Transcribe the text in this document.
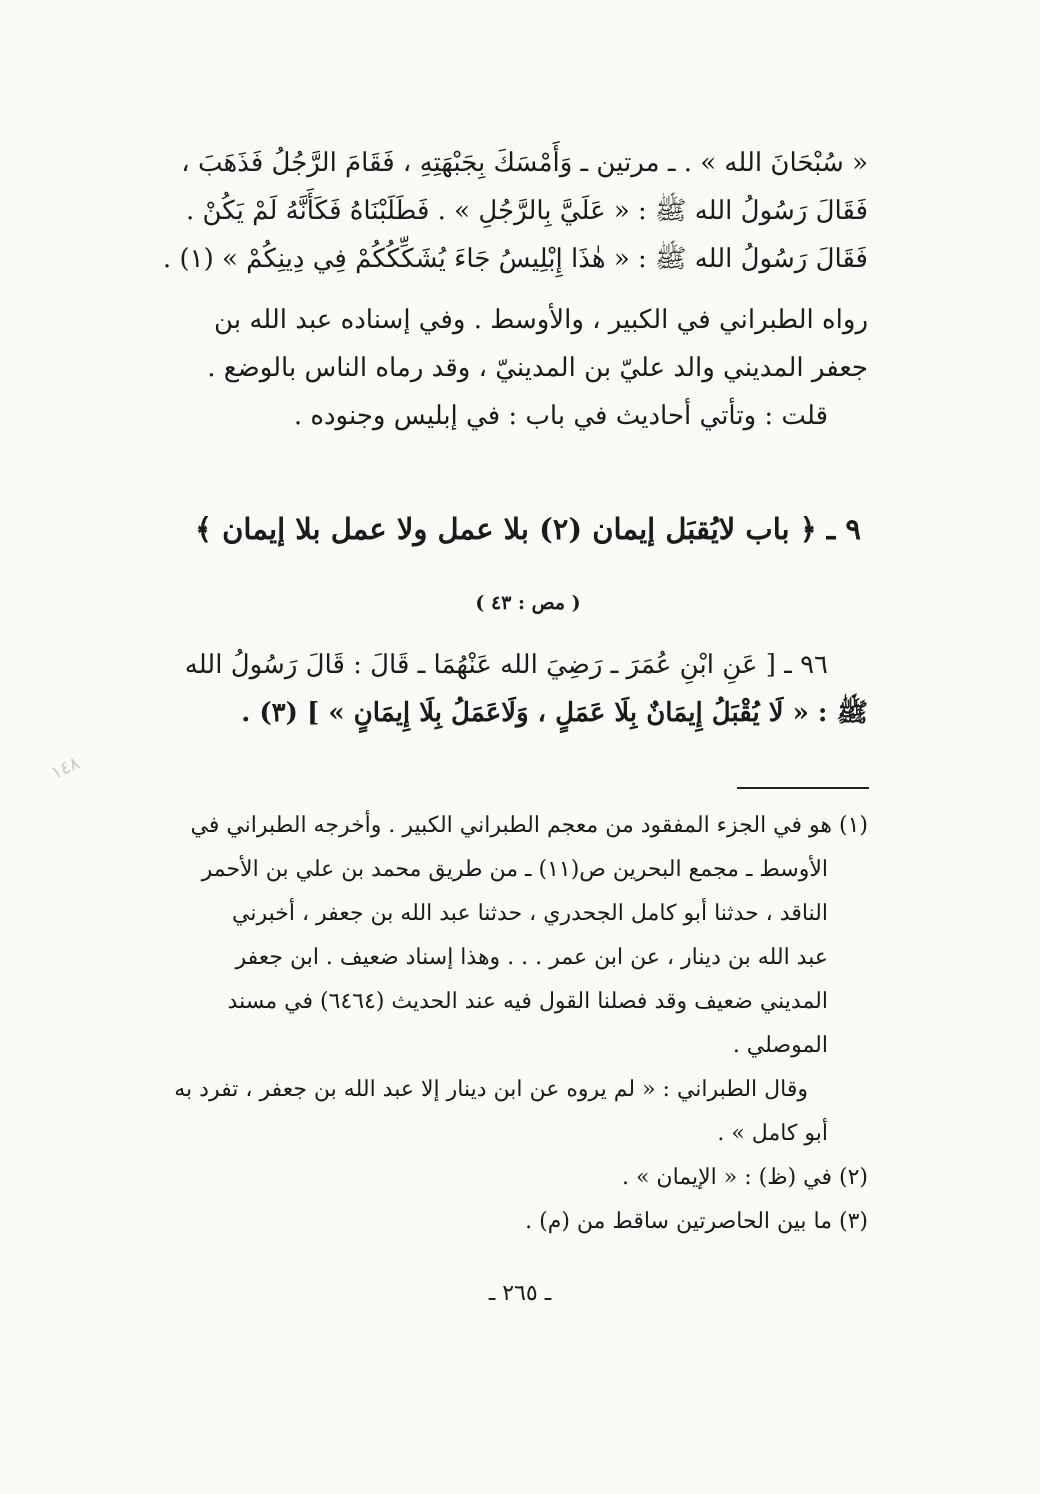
« سُبْحَانَ الله » . ـ مرتين ـ وَأَمْسَكَ بِجَبْهَتِهِ ، فَقَامَ الرَّجُلُ فَذَهَبَ ،
فَقَالَ رَسُولُ الله ﷺ : « عَلَيَّ بِالرَّجُلِ » . فَطَلَبْنَاهُ فَكَأَنَّهُ لَمْ يَكُنْ .
فَقَالَ رَسُولُ الله ﷺ : « هٰذَا إِبْلِيسُ جَاءَ يُشَكِّكُكُمْ فِي دِينِكُمْ » (١) .
رواه الطبراني في الكبير ، والأوسط . وفي إسناده عبد الله بن
جعفر المديني والد عليّ بن المدينيّ ، وقد رماه الناس بالوضع .
قلت : وتأتي أحاديث في باب : في إبليس وجنوده .
٩ ـ ﴿ باب لايُقبَل إيمان (٢) بلا عمل ولا عمل بلا إيمان ﴾
( مص : ٤٣ )
٩٦ ـ [ عَنِ ابْنِ عُمَرَ ـ رَضِيَ الله عَنْهُمَا ـ قَالَ : قَالَ رَسُولُ الله
ﷺ : « لَا يُقْبَلُ إِيمَانٌ بِلَا عَمَلٍ ، وَلَاعَمَلُ بِلَا إِيمَانٍ » ] (٣) .
(١) هو في الجزء المفقود من معجم الطبراني الكبير . وأخرجه الطبراني في
الأوسط ـ مجمع البحرين ص(١١) ـ من طريق محمد بن علي بن الأحمر
الناقد ، حدثنا أبو كامل الجحدري ، حدثنا عبد الله بن جعفر ، أخبرني
عبد الله بن دينار ، عن ابن عمر . . . وهذا إسناد ضعيف . ابن جعفر
المديني ضعيف وقد فصلنا القول فيه عند الحديث (٦٤٦٤) في مسند
الموصلي .
وقال الطبراني : « لم يروه عن ابن دينار إلا عبد الله بن جعفر ، تفرد به
أبو كامل » .
(٢) في (ظ) : « الإيمان » .
(٣) ما بين الحاصرتين ساقط من (م) .
ـ ٢٦٥ ـ
١٤٨
